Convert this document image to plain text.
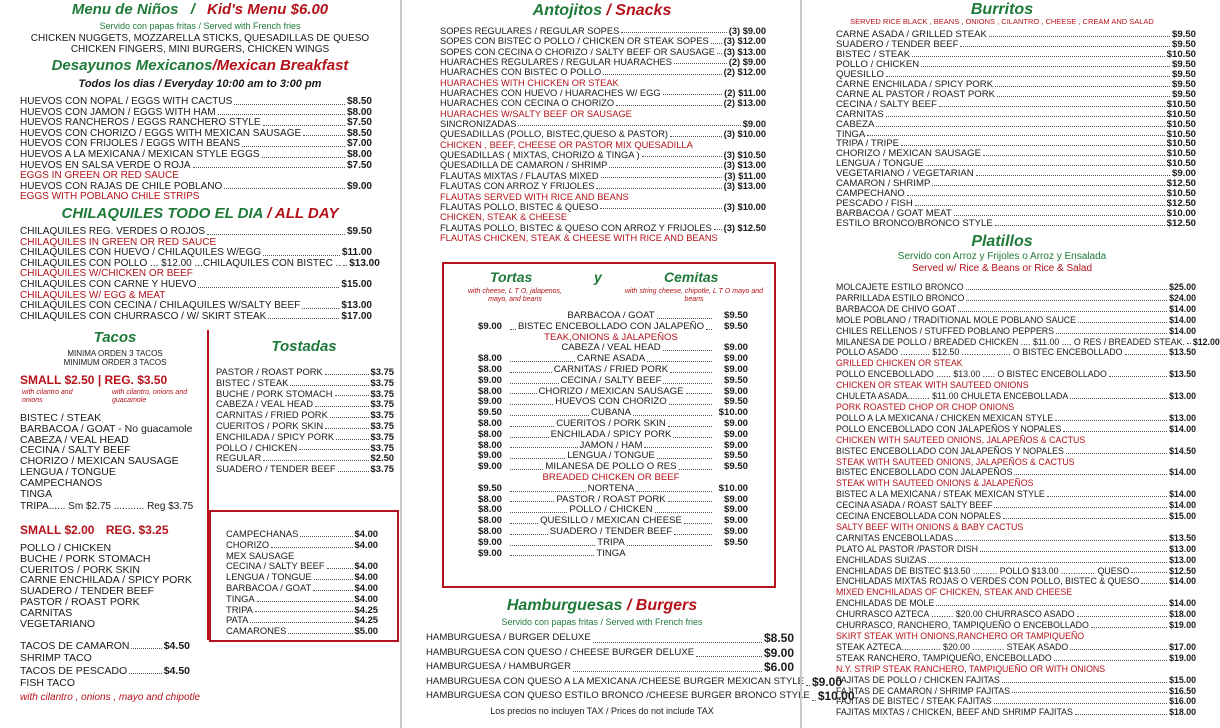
Menu de Niños / Kid's Menu $6.00
Servido con papas fritas / Served with French fries
CHICKEN NUGGETS, MOZZARELLA STICKS, QUESADILLAS DE QUESO
CHICKEN FINGERS, MINI BURGERS, CHICKEN WINGS
Desayunos Mexicanos/Mexican Breakfast
Todos los dias / Everyday 10:00 am to 3:00 pm
HUEVOS CON NOPAL / EGGS WITH CACTUS	$8.50
HUEVOS CON JAMON / EGGS WITH HAM	$8.00
HUEVOS RANCHEROS / EGGS RANCHERO STYLE	$7.50
HUEVOS CON CHORIZO / EGGS WITH MEXICAN SAUSAGE	$8.50
HUEVOS CON FRIJOLES / EGGS WITH BEANS	$7.00
HUEVOS A LA MEXICANA / MEXICAN STYLE EGGS	$8.00
HUEVOS EN SALSA VERDE O ROJA	$7.50
EGGS IN GREEN OR RED SAUCE
HUEVOS CON RAJAS DE CHILE POBLANO	$9.00
EGGS WITH POBLANO CHILE STRIPS
CHILAQUILES TODO EL DIA / ALL DAY
CHILAQUILES REG. VERDES O ROJOS	$9.50
CHILAQUILES IN GREEN OR RED SAUCE
CHILAQUILES CON HUEVO / CHILAQUILES W/EGG	$11.00
CHILAQUILES CON POLLO ... $12.00 ...CHILAQUILES CON BISTEC .. $13.00
CHILAQUILES W/CHICKEN OR BEEF
CHILAQUILES CON CARNE Y HUEVO	$15.00
CHILAQUILES W/ EGG & MEAT
CHILAQUILES CON CECINA / CHILAQUILES W/SALTY BEEF	$13.00
CHILAQUILES CON CHURRASCO / W/ SKIRT STEAK	$17.00
Tacos
MINIMA ORDEN 3 TACOS
MINIMUM ORDER 3 TACOS
SMALL $2.50 | REG. $3.50
with cilantro and onions
with cilantro, onions and guacamole
BISTEC / STEAK
BARBACOA / GOAT - No guacamole
CABEZA / VEAL HEAD
CECINA / SALTY BEEF
CHORIZO / MEXICAN SAUSAGE
LENGUA / TONGUE
CAMPECHANOS
TINGA
TRIPA...... Sm $2.75 ........... Reg $3.75
SMALL $2.00 REG. $3.25
POLLO / CHICKEN
BUCHE / PORK STOMACH
CUERITOS / PORK SKIN
CARNE ENCHILADA / SPICY PORK
SUADERO / TENDER BEEF
PASTOR / ROAST PORK
CARNITAS
VEGETARIANO
TACOS DE CAMARON	$4.50
SHRIMP TACO
TACOS DE PESCADO	$4.50
FISH TACO
with cilantro , onions , mayo and chipotle
Tostadas
PASTOR / ROAST PORK	$3.75
BISTEC / STEAK	$3.75
BUCHE / PORK STOMACH	$3.75
CABEZA / VEAL HEAD	$3.75
CARNITAS / FRIED PORK	$3.75
CUERITOS / PORK SKIN	$3.75
ENCHILADA / SPICY PORK	$3.75
POLLO / CHICKEN	$3.75
REGULAR	$2.50
SUADERO / TENDER BEEF	$3.75
CAMPECHANAS	$4.00
CHORIZO	$4.00
MEX SAUSAGE
CECINA / SALTY BEEF	$4.00
LENGUA / TONGUE	$4.00
BARBACOA / GOAT	$4.00
TINGA	$4.00
TRIPA	$4.25
PATA	$4.25
CAMARONES	$5.00
Antojitos / Snacks
SOPES REGULARES / REGULAR SOPES	(3) $9.00
SOPES CON BISTEC O POLLO / CHICKEN OR STEAK SOPES (3) $12.00
SOPES CON CECINA O CHORIZO / SALTY BEEF OR SAUSAGE (3) $13.00
HUARACHES REGULARES / REGULAR HUARACHES	(2) $9.00
HUARACHES CON BISTEC O POLLO	(2) $12.00
HUARACHES WITH CHICKEN OR STEAK
HUARACHES CON HUEVO / HUARACHES W/ EGG	(2) $11.00
HUARACHES CON CECINA O CHORIZO	(2) $13.00
HUARACHES W/SALTY BEEF OR SAUSAGE
SINCRONIZADAS	$9.00
QUESADILLAS (POLLO, BISTEC,QUESO & PASTOR)	(3) $10.00
CHICKEN , BEEF, CHEESE OR PASTOR MIX QUESADILLA
QUESADILLAS ( MIXTAS, CHORIZO & TINGA )	(3) $10.50
QUESADILLA DE CAMARON / SHRIMP	(3) $13.00
FLAUTAS MIXTAS / FLAUTAS MIXED	(3) $11.00
FLAUTAS CON ARROZ Y FRIJOLES	(3) $13.00
FLAUTAS SERVED WITH RICE AND BEANS
FLAUTAS POLLO, BISTEC & QUESO	(3) $10.00
CHICKEN, STEAK & CHEESE
FLAUTAS POLLO, BISTEC & QUESO CON ARROZ Y FRIJOLES (3) $12.50
FLAUTAS CHICKEN, STEAK & CHEESE WITH RICE AND BEANS
Tortas	y	Cemitas
with cheese, L T O, jalapenos, mayo, and beans
with string cheese, chipotle, L T O mayo and beans
BARBACOA / GOAT	$9.50
$9.00	BISTEC ENCEBOLLADO CON JALAPEÑO	$9.50
TEAK,ONIONS & JALAPEÑOS
CABEZA / VEAL HEAD	$9.00
$8.00	CARNE ASADA	$9.00
$8.00	CARNITAS / FRIED PORK	$9.00
$9.00	CECINA / SALTY BEEF	$9.50
$8.00	CHORIZO / MEXICAN SAUSAGE	$9.00
$9.00	HUEVOS CON CHORIZO	$9.50
$9.50	CUBANA	$10.00
$8.00	CUERITOS / PORK SKIN	$9.00
$8.00	ENCHILADA / SPICY PORK	$9.00
$8.00	JAMON / HAM	$9.00
$9.00	LENGUA / TONGUE	$9.50
$9.00	MILANESA DE POLLO O RES	$9.50
BREADED CHICKEN OR BEEF
$9.50	NORTENA	$10.00
$8.00	PASTOR / ROAST PORK	$9.00
$8.00	POLLO / CHICKEN	$9.00
$8.00	QUESILLO / MEXICAN CHEESE	$9.00
$8.00	SUADERO / TENDER BEEF	$9.00
$9.00	TRIPA	$9.50
$9.00	TINGA
Hamburguesas / Burgers
Servido con papas fritas / Served with French fries
HAMBURGUESA / BURGER DELUXE	$8.50
HAMBURGUESA CON QUESO / CHEESE BURGER DELUXE	$9.00
HAMBURGUESA / HAMBURGER	$6.00
HAMBURGUESA CON QUESO A LA MEXICANA /CHEESE BURGER MEXICAN STYLE $9.00
HAMBURGUESA CON QUESO ESTILO BRONCO /CHEESE BURGER BRONCO STYLE $10.00
Los precios no incluyen TAX / Prices do not include TAX
Burritos
SERVED RICE BLACK , BEANS , ONIONS , CILANTRO , CHEESE , CREAM AND SALAD
CARNE ASADA / GRILLED STEAK	$9.50
SUADERO / TENDER BEEF	$9.50
BISTEC / STEAK	$10.50
POLLO / CHICKEN	$9.50
QUESILLO	$9.50
CARNE ENCHILADA / SPICY PORK	$9.50
CARNE AL PASTOR / ROAST PORK	$9.50
CECINA / SALTY BEEF	$10.50
CARNITAS	$10.50
CABEZA	$10.50
TINGA	$10.50
TRIPA / TRIPE	$10.50
CHORIZO / MEXICAN SAUSAGE	$10.50
LENGUA / TONGUE	$10.50
VEGETARIANO / VEGETARIAN	$9.00
CAMARON / SHRIMP	$12.50
CAMPECHANO	$10.50
PESCADO / FISH	$12.50
BARBACOA / GOAT MEAT	$10.00
ESTILO BRONCO/BRONCO STYLE	$12.50
Platillos
Servido con Arroz y Frijoles o Arroz y Ensalada
Served w/ Rice & Beans or Rice & Salad
MOLCAJETE ESTILO BRONCO	$25.00
PARRILLADA ESTILO BRONCO	$24.00
BARBACOA DE CHIVO GOAT	$14.00
MOLE POBLANO / TRADITIONAL MOLE POBLANO SAUCE	$14.00
CHILES RELLENOS / STUFFED POBLANO PEPPERS	$14.00
MILANESA DE POLLO / BREADED CHICKEN .... $11.00 .... O RES / BREADED STEAK. $12.00
POLLO ASADO ............ $12.50 .................... O BISTEC ENCEBOLLADO	$13.50
GRILLED CHICKEN OR STEAK
POLLO ENCEBOLLADO ...... $13.00 ..... O BISTEC ENCEBOLLADO	$13.50
CHICKEN OR STEAK WITH SAUTEED ONIONS
CHULETA ASADA......... $11.00 CHULETA ENCEBOLLADA	$13.00
PORK ROASTED CHOP OR CHOP ONIONS
POLLO A LA MEXICANA / CHICKEN MEXICAN STYLE	$13.00
POLLO ENCEBOLLADO CON JALAPEÑOS Y NOPALES	$14.00
CHICKEN WITH SAUTEED ONIONS, JALAPEÑOS & CACTUS
BISTEC ENCEBOLLADO CON JALAPEÑOS Y NOPALES	$14.50
STEAK WITH SAUTEED ONIONS, JALAPEÑOS & CACTUS
BISTEC ENCEBOLLADO CON JALAPEÑOS	$14.00
STEAK WITH SAUTEED ONIONS & JALAPEÑOS
BISTEC A LA MEXICANA / STEAK MEXICAN STYLE	$14.00
CECINA ASADA / ROAST SALTY BEEF	$14.00
CECINA ENCEBOLLADA CON NOPALES	$15.00
SALTY BEEF WITH ONIONS & BABY CACTUS
CARNITAS ENCEBOLLADAS	$13.50
PLATO AL PASTOR /PASTOR DISH	$13.00
ENCHILADAS SUIZAS	$13.00
ENCHILADAS DE BISTEC $13.50 .......... POLLO $13.00 .............. QUESO	$12.50
ENCHILADAS MIXTAS ROJAS O VERDES CON POLLO, BISTEC & QUESO	$14.00
MIXED ENCHILADAS OF CHICKEN, STEAK AND CHEESE
ENCHILADAS DE MOLE	$14.00
CHURRASCO AZTECA ......... $20.00 CHURRASCO ASADO	$18.00
CHURRASCO, RANCHERO, TAMPIQUEÑO O ENCEBOLLADO	$19.00
SKIRT STEAK WITH ONIONS,RANCHERO OR TAMPIQUEÑO
STEAK AZTECA................ $20.00 ............. STEAK ASADO	$17.00
STEAK RANCHERO, TAMPIQUEÑO, ENCEBOLLADO	$19.00
N.Y. STRIP STEAK RANCHERO, TAMPIQUEÑO OR WITH ONIONS
FAJITAS DE POLLO / CHICKEN FAJITAS	$15.00
FAJITAS DE CAMARON / SHRIMP FAJITAS	$16.50
FAJITAS DE BISTEC / STEAK FAJITAS	$16.00
FAJITAS MIXTAS / CHICKEN, BEEF AND SHRIMP FAJITAS	$18.00
